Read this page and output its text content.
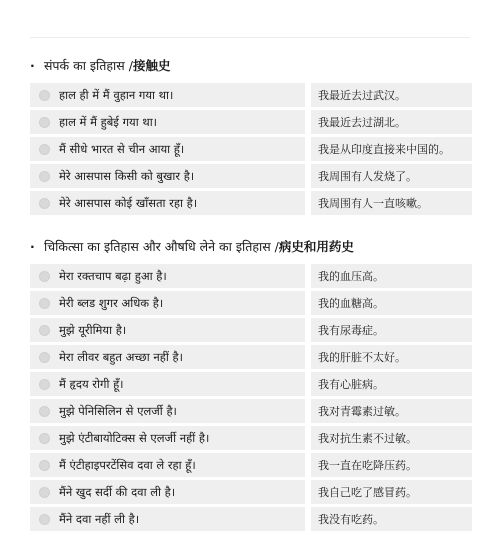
· संपर्क का इतिहास /接触史
हाल ही में मैं वुहान गया था।	我最近去过武汉。
हाल में मैं हुबेई गया था।	我最近去过湖北。
मैं सीधे भारत से चीन आया हूँ।	我是从印度直接来中国的。
मेरे आसपास किसी को बुखार है।	我周围有人发烧了。
मेरे आसपास कोई खाँसता रहा है।	我周围有人一直咳嗽。
· चिकित्सा का इतिहास और औषधि लेने का इतिहास /病史和用药史
मेरा रक्तचाप बढ़ा हुआ है।	我的血压高。
मेरी ब्लड शुगर अधिक है।	我的血糖高。
मुझे यूरीमिया है।	我有尿毒症。
मेरा लीवर बहुत अच्छा नहीं है।	我的肝脏不太好。
मैं हृदय रोगी हूँ।	我有心脏病。
मुझे पेनिसिलिन से एलर्जी है।	我对青霉素过敏。
मुझे एंटीबायोटिक्स से एलर्जी नहीं है।	我对抗生素不过敏。
मैं एंटीहाइपरटेंसिव दवा ले रहा हूँ।	我一直在吃降压药。
मैंने खुद सर्दी की दवा ली है।	我自己吃了感冒药。
मैंने दवा नहीं ली है।	我没有吃药。
